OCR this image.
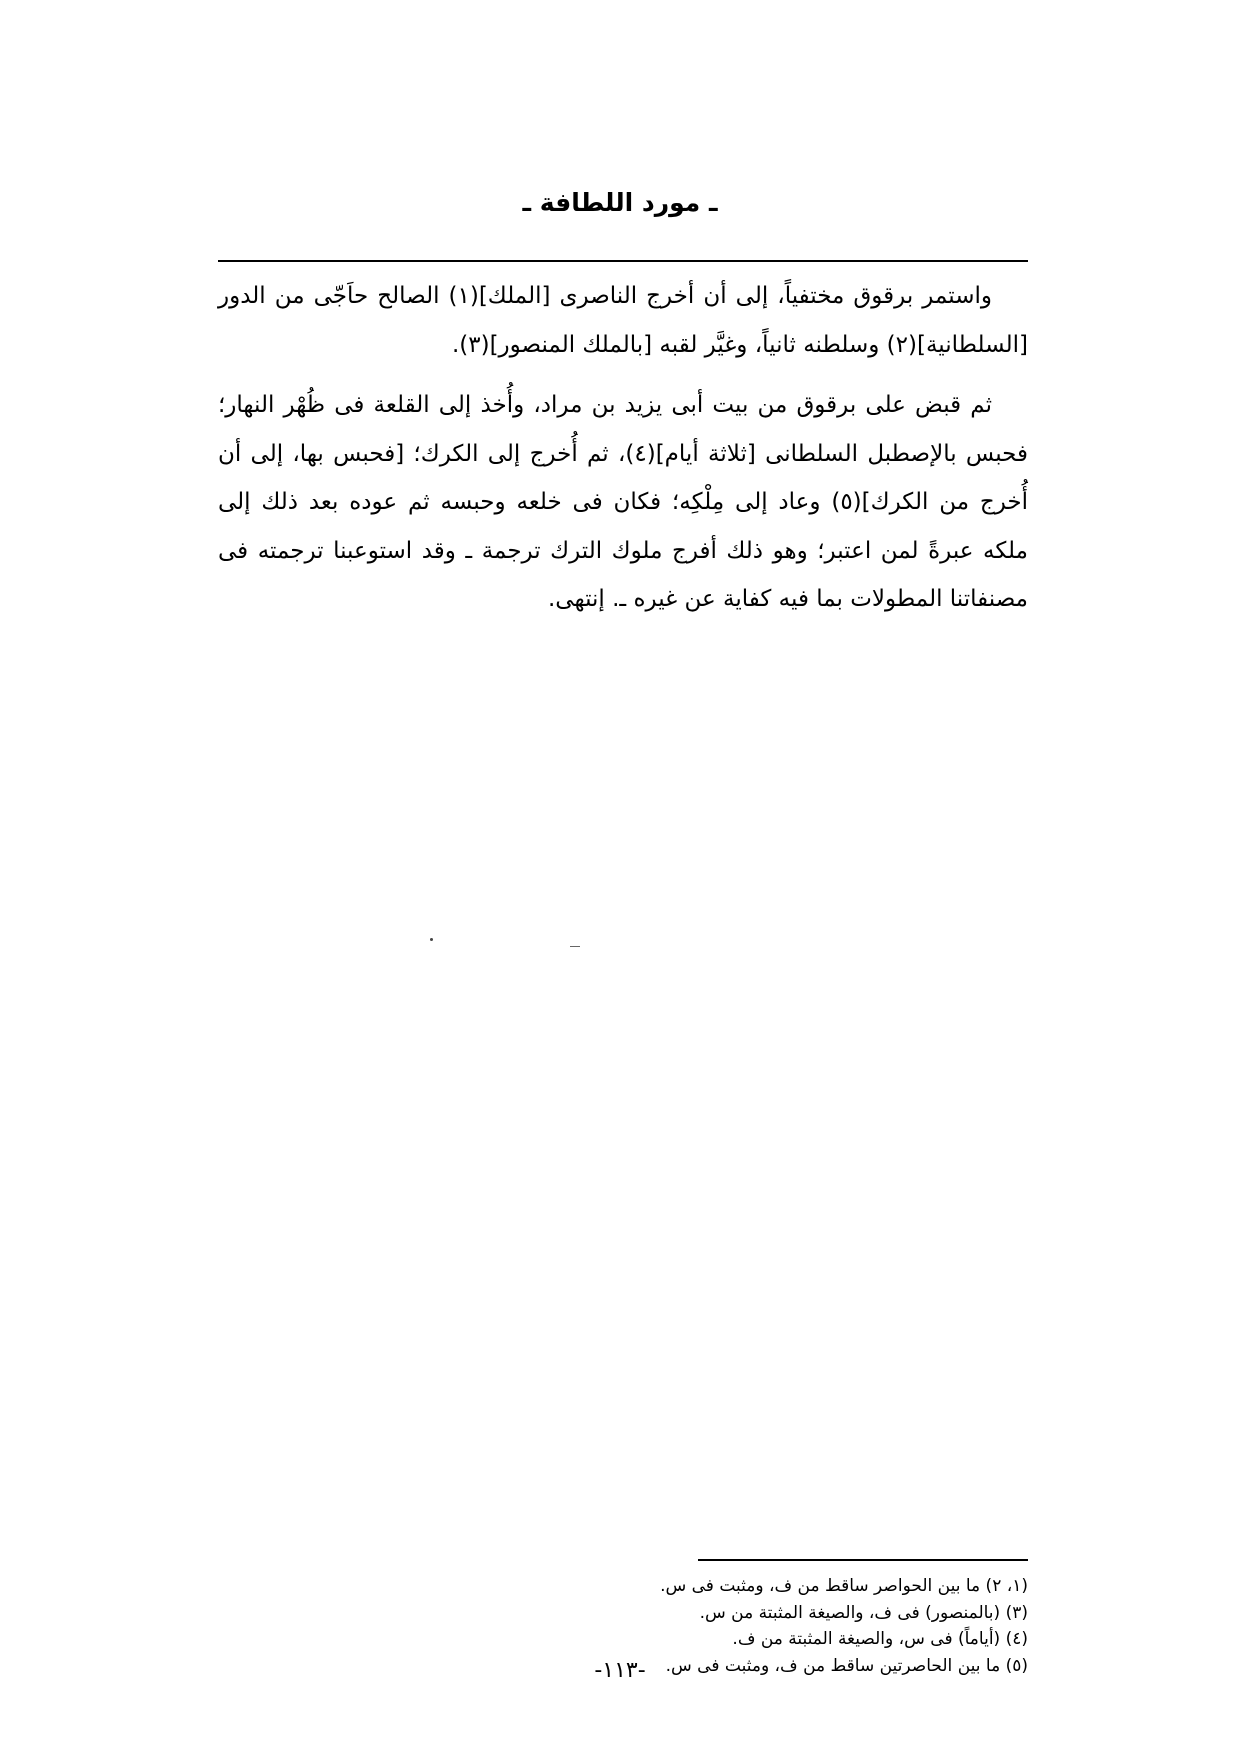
ـ مورد اللطافة ـ

واستمر برقوق مختفياً، إلى أن أخرج الناصرى [الملك](١) الصالح حاَجّى من الدور [السلطانية](٢) وسلطنه ثانياً، وغيَّر لقبه [بالملك المنصور](٣).

ثم قبض على برقوق من بيت أبى يزيد بن مراد، وأُخذ إلى القلعة فى ظُهْر النهار؛ فحبس بالإصطبل السلطانى [ثلاثة أيام](٤)، ثم أُخرج إلى الكرك؛ [فحبس بها، إلى أن أُخرج من الكرك](٥) وعاد إلى مِلْكِه؛ فكان فى خلعه وحبسه ثم عوده بعد ذلك إلى ملكه عبرةً لمن اعتبر؛ وهو ذلك أفرج ملوك الترك ترجمة ـ وقد استوعبنا ترجمته فى مصنفاتنا المطولات بما فيه كفاية عن غيره ـ. إنتهى.

(١، ٢) ما بين الحواصر ساقط من ف، ومثبت فى س.
(٣) (بالمنصور) فى ف، والصيغة المثبتة من س.
(٤) (أياماً) فى س، والصيغة المثبتة من ف.
(٥) ما بين الحاصرتين ساقط من ف، ومثبت فى س.
-١١٣-
